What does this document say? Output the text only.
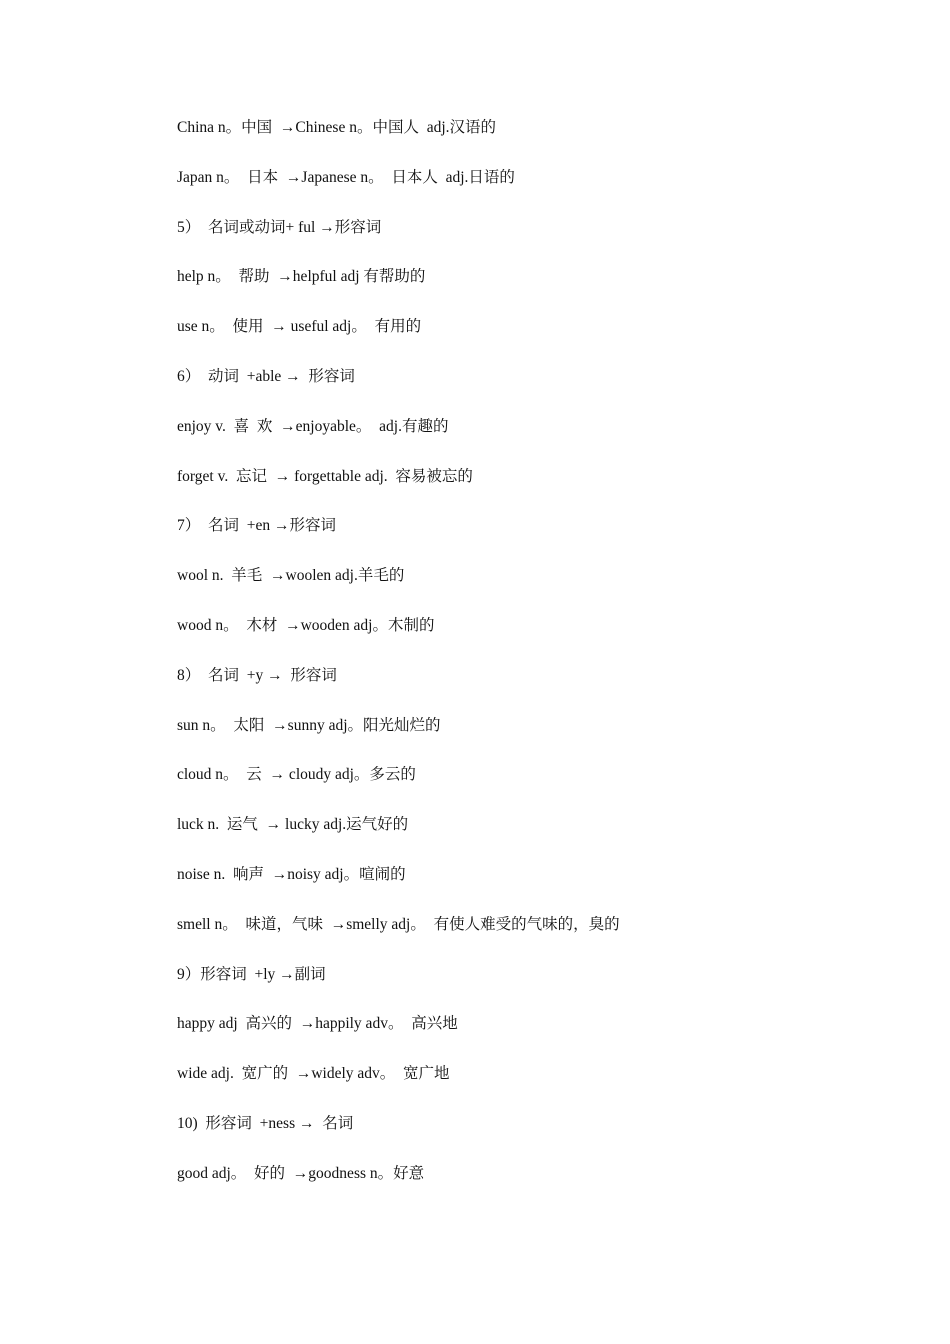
China n。中国  →Chinese n。中国人  adj.汉语的
Japan n。  日本  →Japanese n。  日本人  adj.日语的
5）  名词或动词+ ful →形容词
help n。  帮助  →helpful adj 有帮助的
use n。  使用  → useful adj。  有用的
6）  动词  +able →  形容词
enjoy v.  喜  欢  →enjoyable。  adj.有趣的
forget v.  忘记  → forgettable adj.  容易被忘的
7）  名词  +en →形容词
wool n.  羊毛  →woolen adj.羊毛的
wood n。  木材  →wooden adj。木制的
8）  名词  +y →  形容词
sun n。  太阳  →sunny adj。阳光灿烂的
cloud n。  云  → cloudy adj。多云的
luck n.  运气  → lucky adj.运气好的
noise n.  响声  →noisy adj。喧闹的
smell n。  味道，气味  →smelly adj。  有使人难受的气味的，臭的
9）形容词  +ly →副词
happy adj  高兴的  →happily adv。  高兴地
wide adj.  宽广的  →widely adv。  宽广地
10)  形容词  +ness →  名词
good adj。  好的  →goodness n。好意
